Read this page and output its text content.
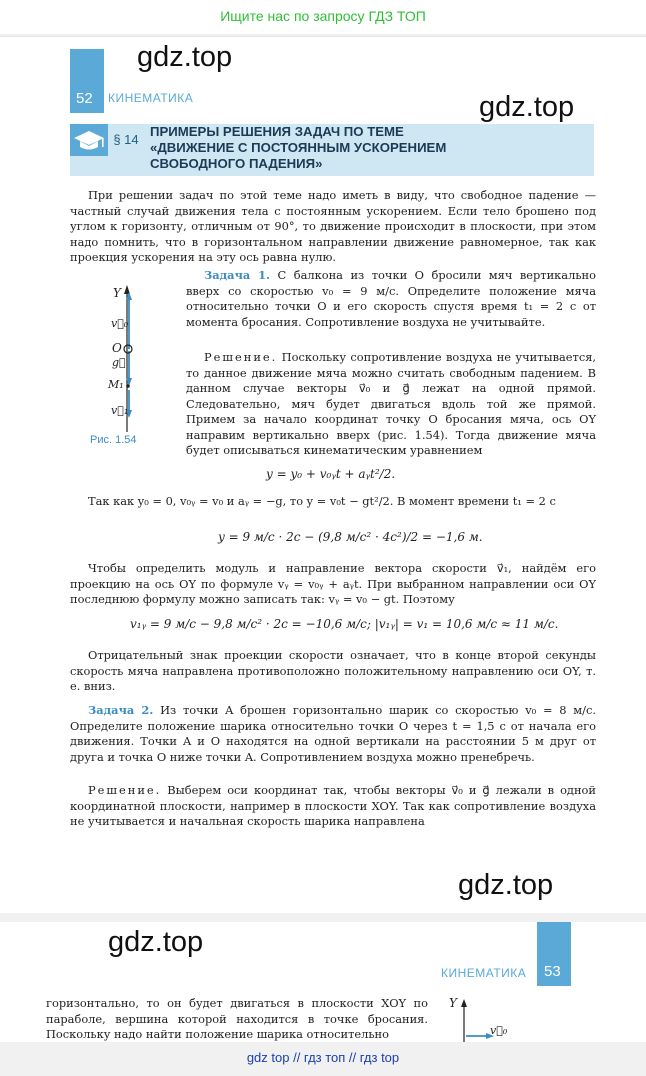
Ищите нас по запросу ГДЗ ТОП
gdz.top
gdz.top
52 КИНЕМАТИКА
§ 14
ПРИМЕРЫ РЕШЕНИЯ ЗАДАЧ ПО ТЕМЕ
«ДВИЖЕНИЕ С ПОСТОЯННЫМ УСКОРЕНИЕМ
СВОБОДНОГО ПАДЕНИЯ»

При решении задач по этой теме надо иметь в виду, что свободное падение — частный случай движения тела с постоянным ускорением. Если тело брошено под углом к горизонту, отличным от 90°, то движение происходит в плоскости, при этом надо помнить, что в горизонтальном направлении движение равномерное, так как проекция ускорения на эту ось равна нулю.

Y
v⃗₀
O
g⃗
M₁
v⃗₁
Рис. 1.54

Задача 1. С балкона из точки O бросили мяч вертикально вверх со скоростью v₀ = 9 м/с. Определите положение мяча относительно точки O и его скорость спустя время t₁ = 2 с от момента бросания. Сопротивление воздуха не учитывайте.

Решение. Поскольку сопротивление воздуха не учитывается, то данное движение мяча можно считать свободным падением. В данном случае векторы v⃗₀ и g⃗ лежат на одной прямой. Следовательно, мяч будет двигаться вдоль той же прямой. Примем за начало координат точку O бросания мяча, ось OY направим вертикально вверх (рис. 1.54). Тогда движение мяча будет описываться кинематическим уравнением

y = y₀ + v₀ᵧt + aᵧt²/2.

Так как y₀ = 0, v₀ᵧ = v₀ и aᵧ = −g, то y = v₀t − gt²/2. В момент времени t₁ = 2 с

y = 9 м/с · 2с − (9,8 м/с² · 4с²)/2 = −1,6 м.

Чтобы определить модуль и направление вектора скорости v⃗₁, найдём его проекцию на ось OY по формуле vᵧ = v₀ᵧ + aᵧt. При выбранном направлении оси OY последнюю формулу можно записать так: vᵧ = v₀ − gt. Поэтому

v₁ᵧ = 9 м/с − 9,8 м/с² · 2с = −10,6 м/с; |v₁ᵧ| = v₁ = 10,6 м/с ≈ 11 м/с.

Отрицательный знак проекции скорости означает, что в конце второй секунды скорость мяча направлена противоположно положительному направлению оси OY, т. е. вниз.

Задача 2. Из точки A брошен горизонтально шарик со скоростью v₀ = 8 м/с. Определите положение шарика относительно точки O через t = 1,5 с от начала его движения. Точки A и O находятся на одной вертикали на расстоянии 5 м друг от друга и точка O ниже точки A. Сопротивлением воздуха можно пренебречь.

Решение. Выберем оси координат так, чтобы векторы v⃗₀ и g⃗ лежали в одной координатной плоскости, например в плоскости XOY. Так как сопротивление воздуха не учитывается и начальная скорость шарика направлена

gdz.top
gdz.top
КИНЕМАТИКА 53

горизонтально, то он будет двигаться в плоскости XOY по параболе, вершина которой находится в точке бросания. Поскольку надо найти положение шарика относительно

Y
v⃗₀
gdz top // гдз топ // гдз top
